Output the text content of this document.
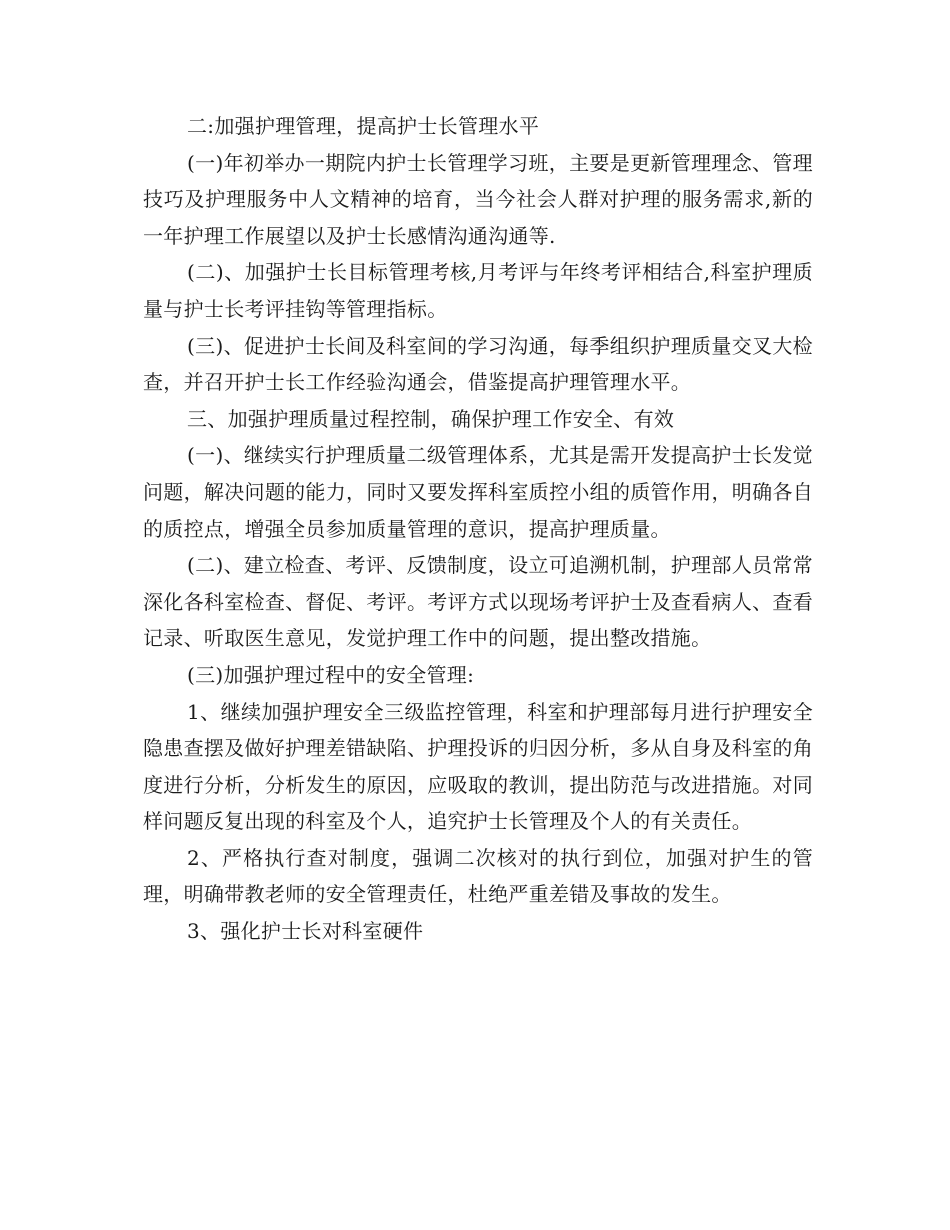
二:加强护理管理，提高护士长管理水平

(一)年初举办一期院内护士长管理学习班，主要是更新管理理念、管理技巧及护理服务中人文精神的培育，当今社会人群对护理的服务需求,新的一年护理工作展望以及护士长感情沟通沟通等.

(二)、加强护士长目标管理考核,月考评与年终考评相结合,科室护理质量与护士长考评挂钩等管理指标。

(三)、促进护士长间及科室间的学习沟通，每季组织护理质量交叉大检查，并召开护士长工作经验沟通会，借鉴提高护理管理水平。

三、加强护理质量过程控制，确保护理工作安全、有效

(一)、继续实行护理质量二级管理体系，尤其是需开发提高护士长发觉问题，解决问题的能力，同时又要发挥科室质控小组的质管作用，明确各自的质控点，增强全员参加质量管理的意识，提高护理质量。

(二)、建立检查、考评、反馈制度，设立可追溯机制，护理部人员常常深化各科室检查、督促、考评。考评方式以现场考评护士及查看病人、查看记录、听取医生意见，发觉护理工作中的问题，提出整改措施。

(三)加强护理过程中的安全管理:

1、继续加强护理安全三级监控管理，科室和护理部每月进行护理安全隐患查摆及做好护理差错缺陷、护理投诉的归因分析，多从自身及科室的角度进行分析，分析发生的原因，应吸取的教训，提出防范与改进措施。对同样问题反复出现的科室及个人，追究护士长管理及个人的有关责任。

2、严格执行查对制度，强调二次核对的执行到位，加强对护生的管理，明确带教老师的安全管理责任，杜绝严重差错及事故的发生。

3、强化护士长对科室硬件
